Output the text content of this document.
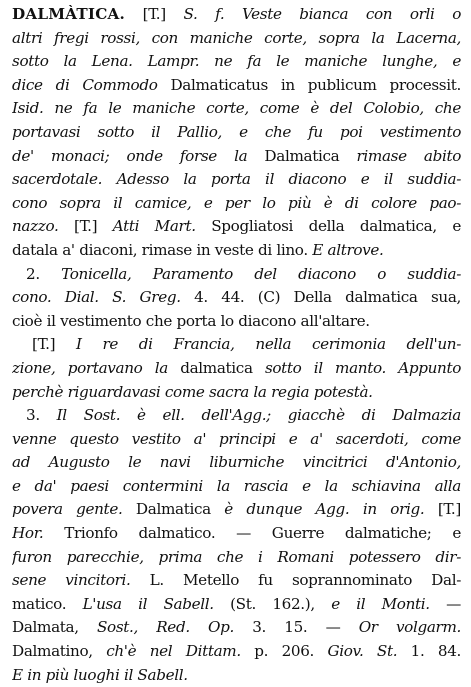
DALMÀTICA. [T.] S. f. Veste bianca con orli o
altri fregi rossi, con maniche corte, sopra la Lacerna,
sotto la Lena. Lampr. ne fa le maniche lunghe, e
dice di Commodo Dalmaticatus in publicum processit.
Isid. ne fa le maniche corte, come è del Colobio, che
portavasi sotto il Pallio, e che fu poi vestimento
de' monaci; onde forse la Dalmatica rimase abito
sacerdotale. Adesso la porta il diacono e il suddia-
cono sopra il camice, e per lo più è di colore pao-
nazzo. [T.] Atti Mart. Spogliatosi della dalmatica, e
datala a' diaconi, rimase in veste di lino. E altrove.
2. Tonicella, Paramento del diacono o suddia-
cono. Dial. S. Greg. 4. 44. (C) Della dalmatica sua,
cioè il vestimento che porta lo diacono all'altare.
[T.] I re di Francia, nella cerimonia dell'un-
zione, portavano la dalmatica sotto il manto. Appunto
perchè riguardavasi come sacra la regia potestà.
3. Il Sost. è ell. dell'Agg.; giacchè di Dalmazia
venne questo vestito a' principi e a' sacerdoti, come
ad Augusto le navi liburniche vincitrici d'Antonio,
e da' paesi contermini la rascia e la schiavina alla
povera gente. Dalmatica è dunque Agg. in orig. [T.]
Hor. Trionfo dalmatico. — Guerre dalmatiche; e
furon parecchie, prima che i Romani potessero dir-
sene vincitori. L. Metello fu soprannominato Dal-
matico. L'usa il Sabell. (St. 162.), e il Monti. —
Dalmata, Sost., Red. Op. 3. 15. — Or volgarm.
Dalmatino, ch'è nel Dittam. p. 206. Giov. St. 1. 84.
E in più luoghi il Sabell.
